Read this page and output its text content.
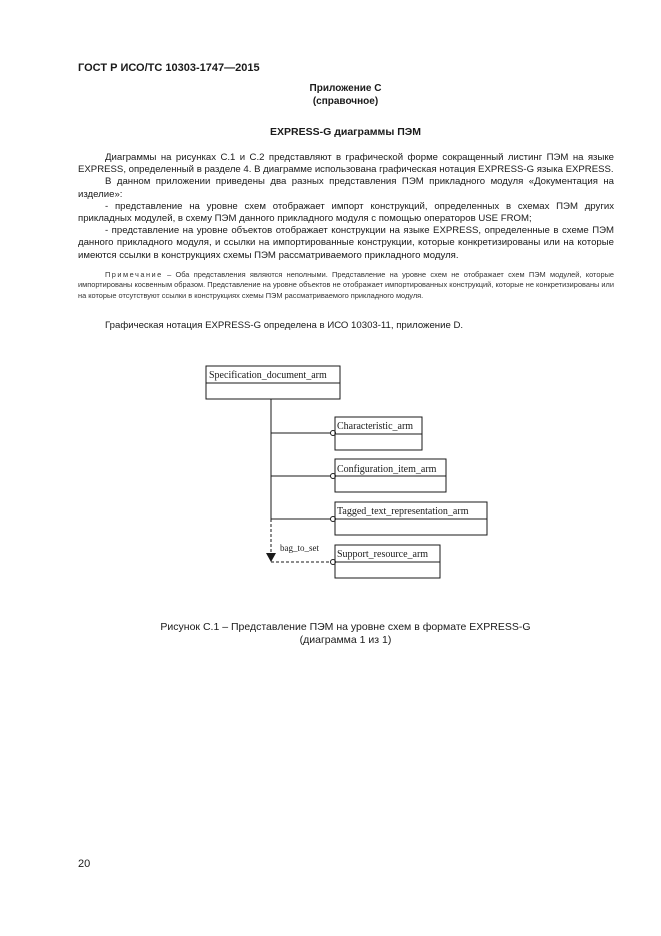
ГОСТ Р ИСО/ТС 10303-1747—2015
Приложение С
(справочное)
EXPRESS-G диаграммы ПЭМ

Диаграммы на рисунках С.1 и С.2 представляют в графической форме сокращенный листинг ПЭМ на языке EXPRESS, определенный в разделе 4. В диаграмме использована графическая нотация EXPRESS-G языка EXPRESS.

В данном приложении приведены два разных представления ПЭМ прикладного модуля «Документация на изделие»:

- представление на уровне схем отображает импорт конструкций, определенных в схемах ПЭМ других прикладных модулей, в схему ПЭМ данного прикладного модуля с помощью операторов USE FROM;

- представление на уровне объектов отображает конструкции на языке EXPRESS, определенные в схеме ПЭМ данного прикладного модуля, и ссылки на импортированные конструкции, которые конкретизированы или на которые имеются ссылки в конструкциях схемы ПЭМ рассматриваемого прикладного модуля.

Примечание – Оба представления являются неполными. Представление на уровне схем не отображает схем ПЭМ модулей, которые импортированы косвенным образом. Представление на уровне объектов не отображает импортированных конструкций, которые не конкретизированы или на которые отсутствуют ссылки в конструкциях схемы ПЭМ рассматриваемого прикладного модуля.
Графическая нотация EXPRESS-G определена в ИСО 10303-11, приложение D.
Specification_document_arm
Characteristic_arm
Configuration_item_arm
Tagged_text_representation_arm
bag_to_set
Support_resource_arm
Рисунок С.1 – Представление ПЭМ на уровне схем в формате EXPRESS-G
(диаграмма 1 из 1)
20
